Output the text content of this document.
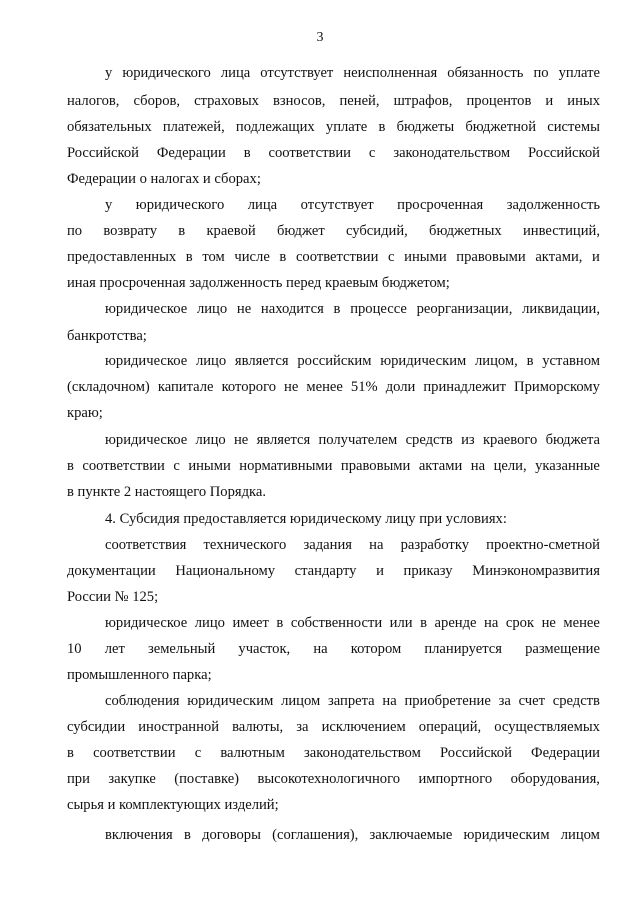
3
у юридического лица отсутствует неисполненная обязанность по уплате
налогов, сборов, страховых взносов, пеней, штрафов, процентов и иных
обязательных платежей, подлежащих уплате в бюджеты бюджетной системы
Российской Федерации в соответствии с законодательством Российской
Федерации о налогах и сборах;
у юридического лица отсутствует просроченная задолженность
по возврату в краевой бюджет субсидий, бюджетных инвестиций,
предоставленных в том числе в соответствии с иными правовыми актами, и
иная просроченная задолженность перед краевым бюджетом;
юридическое лицо не находится в процессе реорганизации, ликвидации,
банкротства;
юридическое лицо является российским юридическим лицом, в уставном
(складочном) капитале которого не менее 51% доли принадлежит Приморскому
краю;
юридическое лицо не является получателем средств из краевого бюджета
в соответствии с иными нормативными правовыми актами на цели, указанные
в пункте 2 настоящего Порядка.
4. Субсидия предоставляется юридическому лицу при условиях:
соответствия технического задания на разработку проектно-сметной
документации Национальному стандарту и приказу Минэкономразвития
России № 125;
юридическое лицо имеет в собственности или в аренде на срок не менее
10 лет земельный участок, на котором планируется размещение
промышленного парка;
соблюдения юридическим лицом запрета на приобретение за счет средств
субсидии иностранной валюты, за исключением операций, осуществляемых
в соответствии с валютным законодательством Российской Федерации
при закупке (поставке) высокотехнологичного импортного оборудования,
сырья и комплектующих изделий;
включения в договоры (соглашения), заключаемые юридическим лицом
